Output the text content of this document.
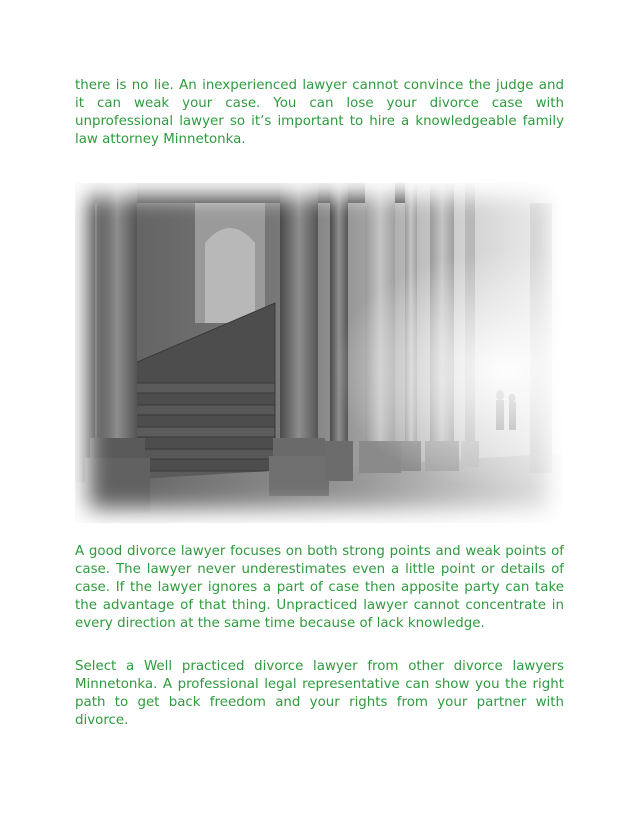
there is no lie. An inexperienced lawyer cannot convince the judge and it can weak your case. You can lose your divorce case with unprofessional lawyer so it’s important to hire a knowledgeable family law attorney Minnetonka.

A good divorce lawyer focuses on both strong points and weak points of case. The lawyer never underestimates even a little point or details of case. If the lawyer ignores a part of case then apposite party can take the advantage of that thing. Unpracticed lawyer cannot concentrate in every direction at the same time because of lack knowledge.

Select a Well practiced divorce lawyer from other divorce lawyers Minnetonka. A professional legal representative can show you the right path to get back freedom and your rights from your partner with divorce.
